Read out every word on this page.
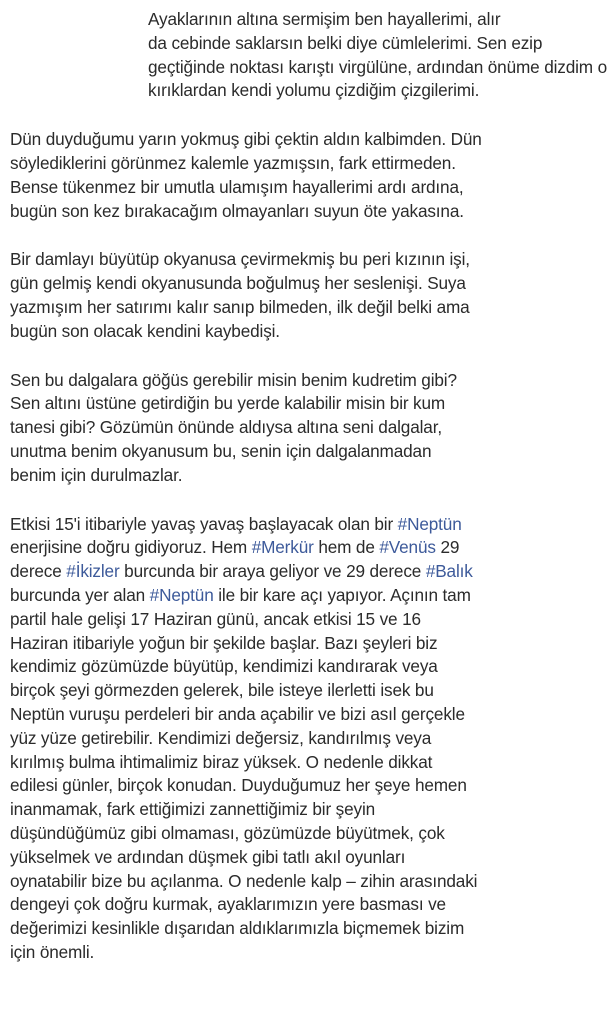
Ayaklarının altına sermişim ben hayallerimi, alır
da cebinde saklarsın belki diye cümlelerimi. Sen ezip
geçtiğinde noktası karıştı virgülüne, ardından önüme dizdim o
kırıklardan kendi yolumu çizdiğim çizgilerimi.
Dün duyduğumu yarın yokmuş gibi çektin aldın kalbimden. Dün
söylediklerini görünmez kalemle yazmışsın, fark ettirmeden.
Bense tükenmez bir umutla ulamışım hayallerimi ardı ardına,
bugün son kez bırakacağım olmayanları suyun öte yakasına.
Bir damlayı büyütüp okyanusa çevirmekmiş bu peri kızının işi,
gün gelmiş kendi okyanusunda boğulmuş her seslenişi. Suya
yazmışım her satırımı kalır sanıp bilmeden, ilk değil belki ama
bugün son olacak kendini kaybedişi.
Sen bu dalgalara göğüs gerebilir misin benim kudretim gibi?
Sen altını üstüne getirdiğin bu yerde kalabilir misin bir kum
tanesi gibi? Gözümün önünde aldıysa altına seni dalgalar,
unutma benim okyanusum bu, senin için dalgalanmadan
benim için durulmazlar.
Etkisi 15'i itibariyle yavaş yavaş başlayacak olan bir #Neptün
enerjisine doğru gidiyoruz. Hem #Merkür hem de #Venüs 29
derece #İkizler burcunda bir araya geliyor ve 29 derece #Balık
burcunda yer alan #Neptün ile bir kare açı yapıyor. Açının tam
partil hale gelişi 17 Haziran günü, ancak etkisi 15 ve 16
Haziran itibariyle yoğun bir şekilde başlar. Bazı şeyleri biz
kendimiz gözümüzde büyütüp, kendimizi kandırarak veya
birçok şeyi görmezden gelerek, bile isteye ilerletti isek bu
Neptün vuruşu perdeleri bir anda açabilir ve bizi asıl gerçekle
yüz yüze getirebilir. Kendimizi değersiz, kandırılmış veya
kırılmış bulma ihtimalimiz biraz yüksek. O nedenle dikkat
edilesi günler, birçok konudan. Duyduğumuz her şeye hemen
inanmamak, fark ettiğimizi zannettiğimiz bir şeyin
düşündüğümüz gibi olmaması, gözümüzde büyütmek, çok
yükselmek ve ardından düşmek gibi tatlı akıl oyunları
oynatabilir bize bu açılanma. O nedenle kalp – zihin arasındaki
dengeyi çok doğru kurmak, ayaklarımızın yere basması ve
değerimizi kesinlikle dışarıdan aldıklarımızla biçmemek bizim
için önemli.
